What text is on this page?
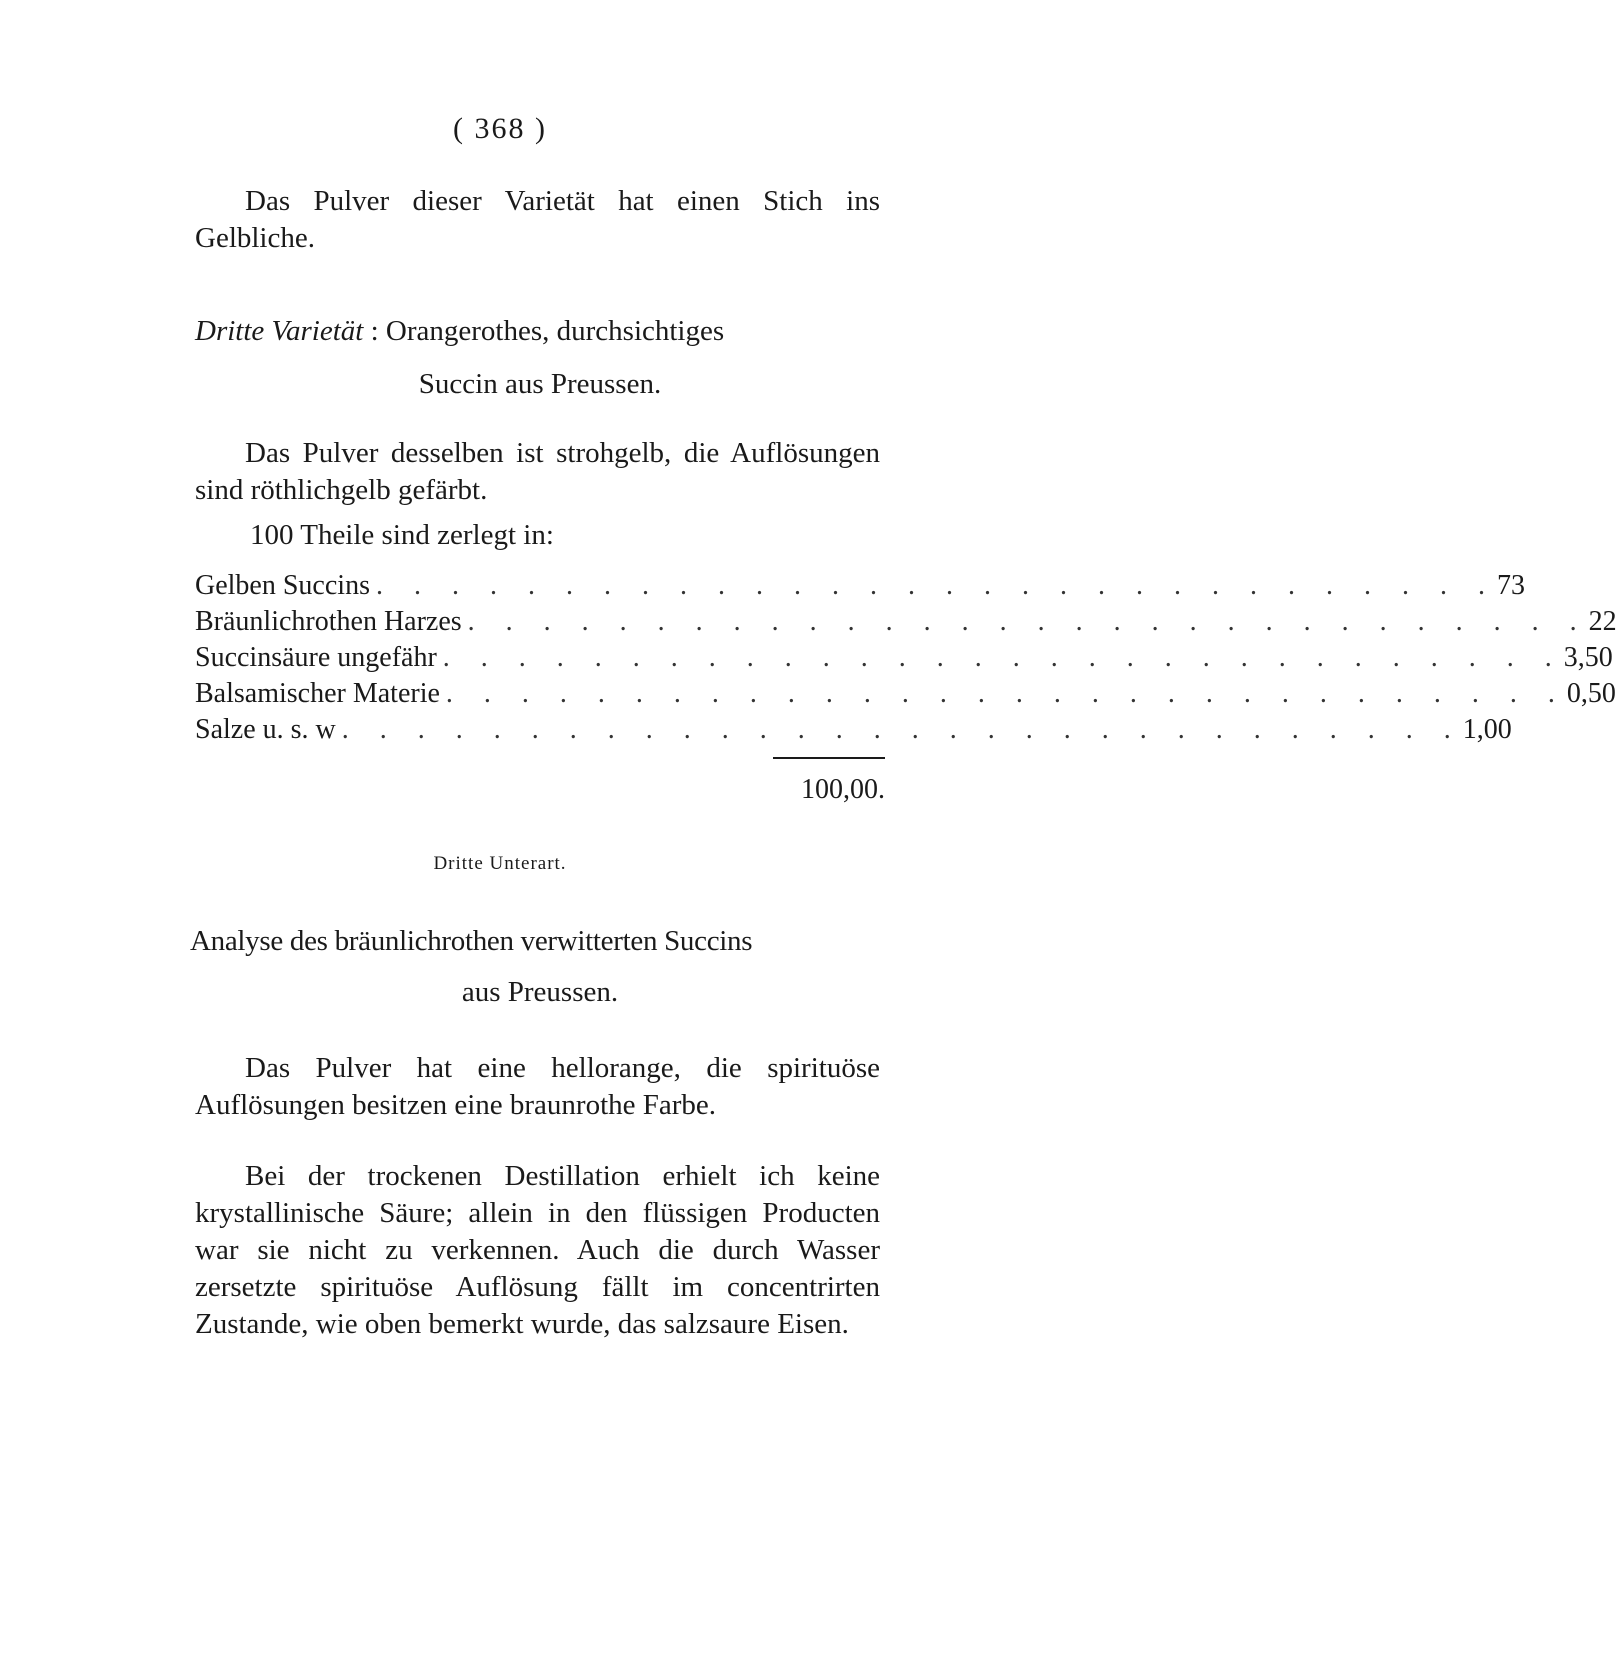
( 368 )
Das Pulver dieser Varietät hat einen Stich ins Gelbliche.
Dritte Varietät : Orangerothes, durchsichtiges
Succin aus Preussen.
Das Pulver desselben ist strohgelb, die Auflösungen sind röthlichgelb gefärbt.
100 Theile sind zerlegt in:
Gelben Succins . . . . . . . . . . . . . . . . . . . . . . . . . . . . . . 73
Bräunlichrothen Harzes . . . . . . . . . . . . . . . . . . . . . . . . . . . . . . 22
Succinsäure ungefähr . . . . . . . . . . . . . . . . . . . . . . . . . . . . . . 3,50
Balsamischer Materie . . . . . . . . . . . . . . . . . . . . . . . . . . . . . . 0,50
Salze u. s. w . . . . . . . . . . . . . . . . . . . . . . . . . . . . . . 1,00
100,00.
Dritte Unterart.
Analyse des bräunlichrothen verwitterten Succins
aus Preussen.
Das Pulver hat eine hellorange, die spirituöse Auflösungen besitzen eine braunrothe Farbe.
Bei der trockenen Destillation erhielt ich keine krystallinische Säure; allein in den flüssigen Producten war sie nicht zu verkennen. Auch die durch Wasser zersetzte spirituöse Auflösung fällt im concentrirten Zustande, wie oben bemerkt wurde, das salzsaure Eisen.
